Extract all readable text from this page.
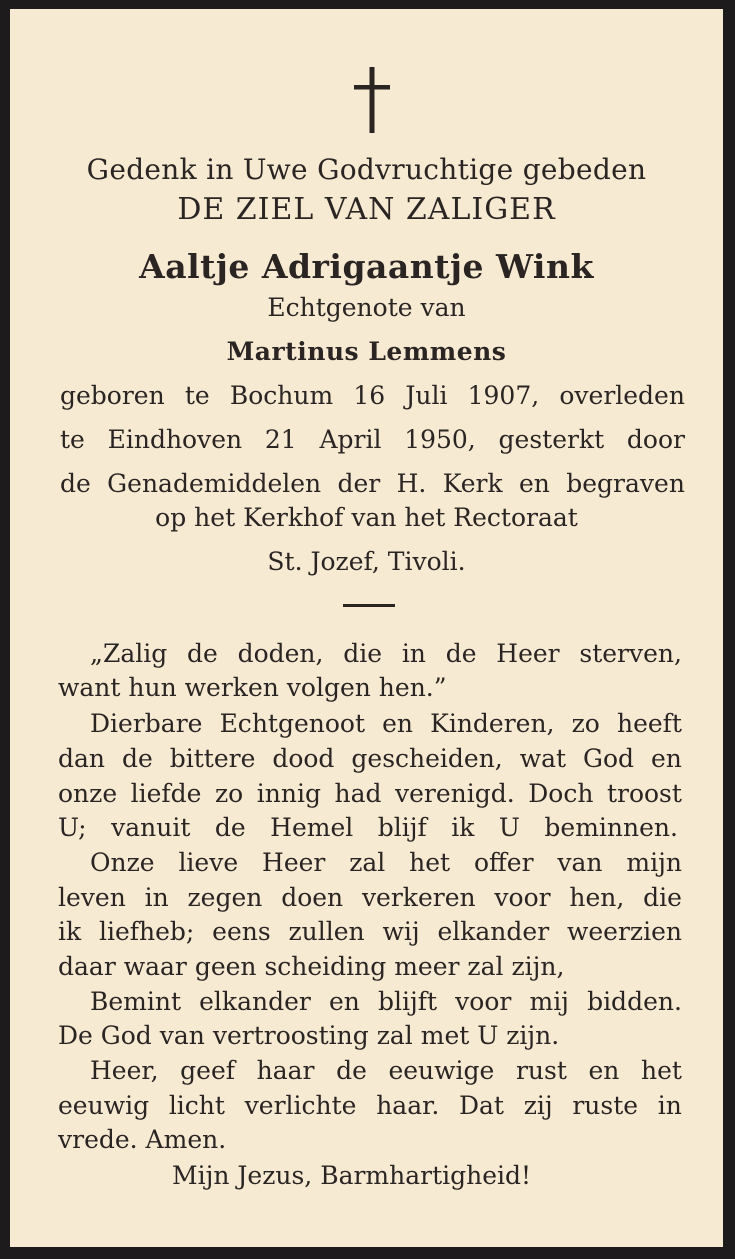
Gedenk in Uwe Godvruchtige gebeden
DE ZIEL VAN ZALIGER
Aaltje Adrigaantje Wink
Echtgenote van
Martinus Lemmens
geboren te Bochum 16 Juli 1907, overleden
te Eindhoven 21 April 1950, gesterkt door
de Genademiddelen der H. Kerk en begraven
op het Kerkhof van het Rectoraat
St. Jozef, Tivoli.
„Zalig de doden, die in de Heer sterven,
want hun werken volgen hen.”
Dierbare Echtgenoot en Kinderen, zo heeft
dan de bittere dood gescheiden, wat God en
onze liefde zo innig had verenigd. Doch troost
U; vanuit de Hemel blijf ik U beminnen.
Onze lieve Heer zal het offer van mijn
leven in zegen doen verkeren voor hen, die
ik liefheb; eens zullen wij elkander weerzien
daar waar geen scheiding meer zal zijn,
Bemint elkander en blijft voor mij bidden.
De God van vertroosting zal met U zijn.
Heer, geef haar de eeuwige rust en het
eeuwig licht verlichte haar. Dat zij ruste in
vrede. Amen.
Mijn Jezus, Barmhartigheid!
